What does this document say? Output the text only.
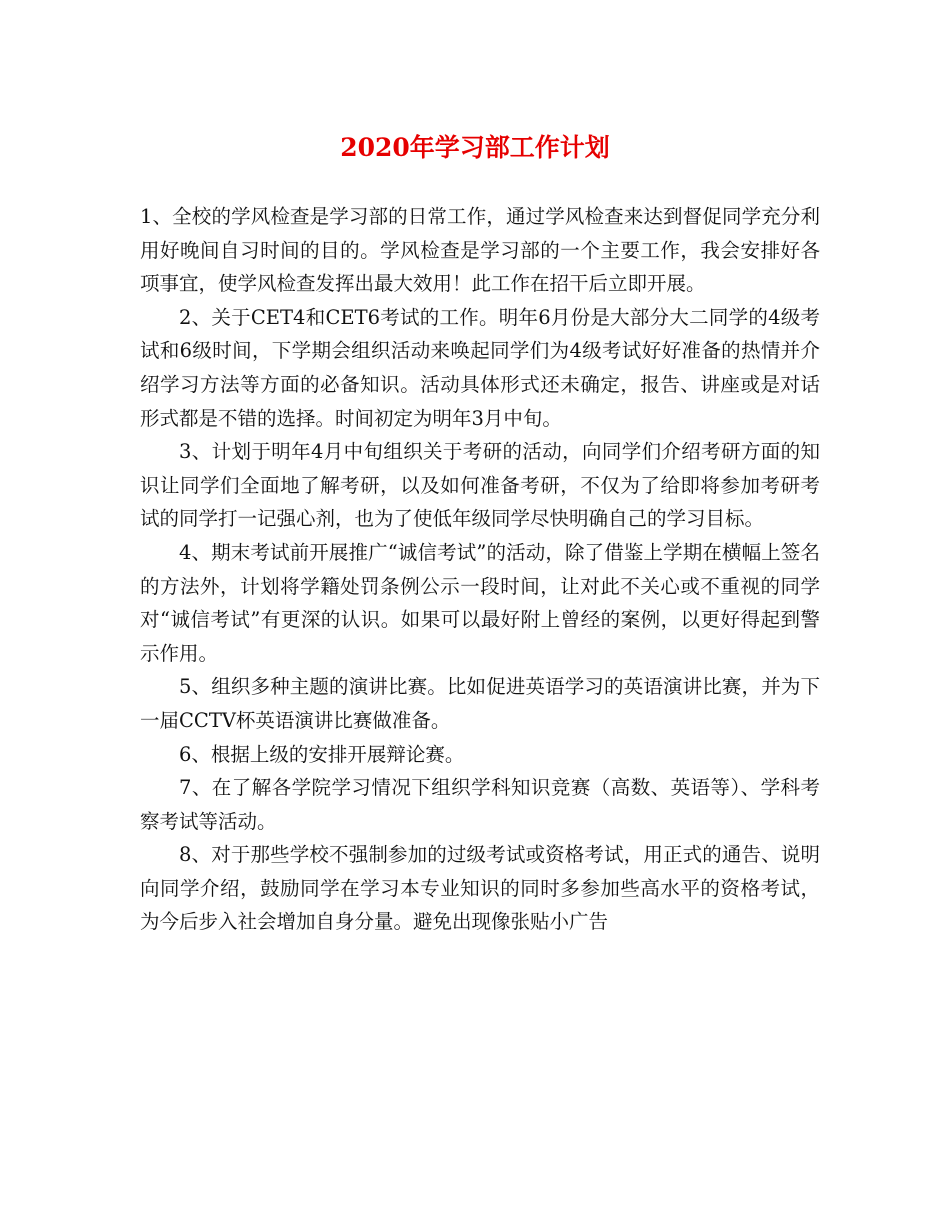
2020年学习部工作计划

1、全校的学风检查是学习部的日常工作，通过学风检查来达到督促同学充分利用好晚间自习时间的目的。学风检查是学习部的一个主要工作，我会安排好各项事宜，使学风检查发挥出最大效用！此工作在招干后立即开展。

2、关于CET4和CET6考试的工作。明年6月份是大部分大二同学的4级考试和6级时间，下学期会组织活动来唤起同学们为4级考试好好准备的热情并介绍学习方法等方面的必备知识。活动具体形式还未确定，报告、讲座或是对话形式都是不错的选择。时间初定为明年3月中旬。

3、计划于明年4月中旬组织关于考研的活动，向同学们介绍考研方面的知识让同学们全面地了解考研，以及如何准备考研，不仅为了给即将参加考研考试的同学打一记强心剂，也为了使低年级同学尽快明确自己的学习目标。

4、期末考试前开展推广“诚信考试”的活动，除了借鉴上学期在横幅上签名的方法外，计划将学籍处罚条例公示一段时间，让对此不关心或不重视的同学对“诚信考试”有更深的认识。如果可以最好附上曾经的案例，以更好得起到警示作用。

5、组织多种主题的演讲比赛。比如促进英语学习的英语演讲比赛，并为下一届CCTV杯英语演讲比赛做准备。

6、根据上级的安排开展辩论赛。

7、在了解各学院学习情况下组织学科知识竞赛（高数、英语等）、学科考察考试等活动。

8、对于那些学校不强制参加的过级考试或资格考试，用正式的通告、说明向同学介绍，鼓励同学在学习本专业知识的同时多参加些高水平的资格考试，为今后步入社会增加自身分量。避免出现像张贴小广告
